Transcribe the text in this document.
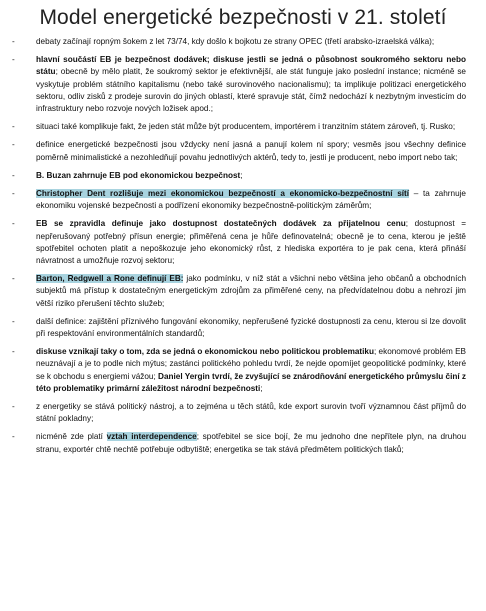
Model energetické bezpečnosti v 21. století
-	debaty začínají ropným šokem z let 73/74, kdy došlo k bojkotu ze strany OPEC (třetí arabsko-izraelská válka);
-	hlavní součástí EB je bezpečnost dodávek; diskuse jestli se jedná o působnost soukromého sektoru nebo státu; obecně by mělo platit, že soukromý sektor je efektivnější, ale stát funguje jako poslední instance; nicméně se vyskytuje problém státního kapitalismu (nebo také surovinového nacionalismu); ta implikuje politizaci energetického sektoru, odliv zisků z prodeje surovin do jiných oblastí, které spravuje stát, čímž nedochází k nezbytným investicím do infrastruktury nebo rozvoje nových ložisek apod.;
-	situaci také komplikuje fakt, že jeden stát může být producentem, importérem i tranzitním státem zároveň, tj. Rusko;
-	definice energetické bezpečnosti jsou vždycky není jasná a panují kolem ní spory; vesměs jsou všechny definice poměrně minimalistické a nezohledňují povahu jednotlivých aktérů, tedy to, jestli je producent, nebo import nebo tak;
-	B. Buzan zahrnuje EB pod ekonomickou bezpečnost;
-	Christopher Dent rozlišuje mezi ekonomickou bezpečností a ekonomicko-bezpečnostní sítí – ta zahrnuje ekonomiku vojenské bezpečnosti a podřízení ekonomiky bezpečnostně-politickým záměrům;
-	EB se zpravidla definuje jako dostupnost dostatečných dodávek za přijatelnou cenu; dostupnost = nepřerušovaný potřebný přísun energie; přiměřená cena je hůře definovatelná; obecně je to cena, kterou je ještě spotřebitel ochoten platit a nepoškozuje jeho ekonomický růst, z hlediska exportéra to je pak cena, která přináší návratnost a umožňuje rozvoj sektoru;
-	Barton, Redgwell a Rone definují EB: jako podmínku, v níž stát a všichni nebo většina jeho občanů a obchodních subjektů má přístup k dostatečným energetickým zdrojům za přiměřené ceny, na předvídatelnou dobu a nehrozí jim větší riziko přerušení těchto služeb;
-	další definice: zajištění příznivého fungování ekonomiky, nepřerušené fyzické dostupnosti za cenu, kterou si lze dovolit při respektování environmentálních standardů;
-	diskuse vznikají taky o tom, zda se jedná o ekonomickou nebo politickou problematiku; ekonomové problém EB neuznávají a je to podle nich mýtus; zastánci politického pohledu tvrdí, že nejde opomíjet geopolitické podmínky, které se k obchodu s energiemi vážou; Daniel Yergin tvrdí, že zvyšující se znárodňování energetického průmyslu činí z této problematiky primární záležitost národní bezpečnosti;
-	z energetiky se stává politický nástroj, a to zejména u těch států, kde export surovin tvoří významnou část příjmů do státní pokladny;
-	nicméně zde platí vztah interdependence; spotřebitel se sice bojí, že mu jednoho dne nepřítele plyn, na druhou stranu, exportér chtě nechtě potřebuje odbytiště; energetika se tak stává předmětem politických tlaků;
